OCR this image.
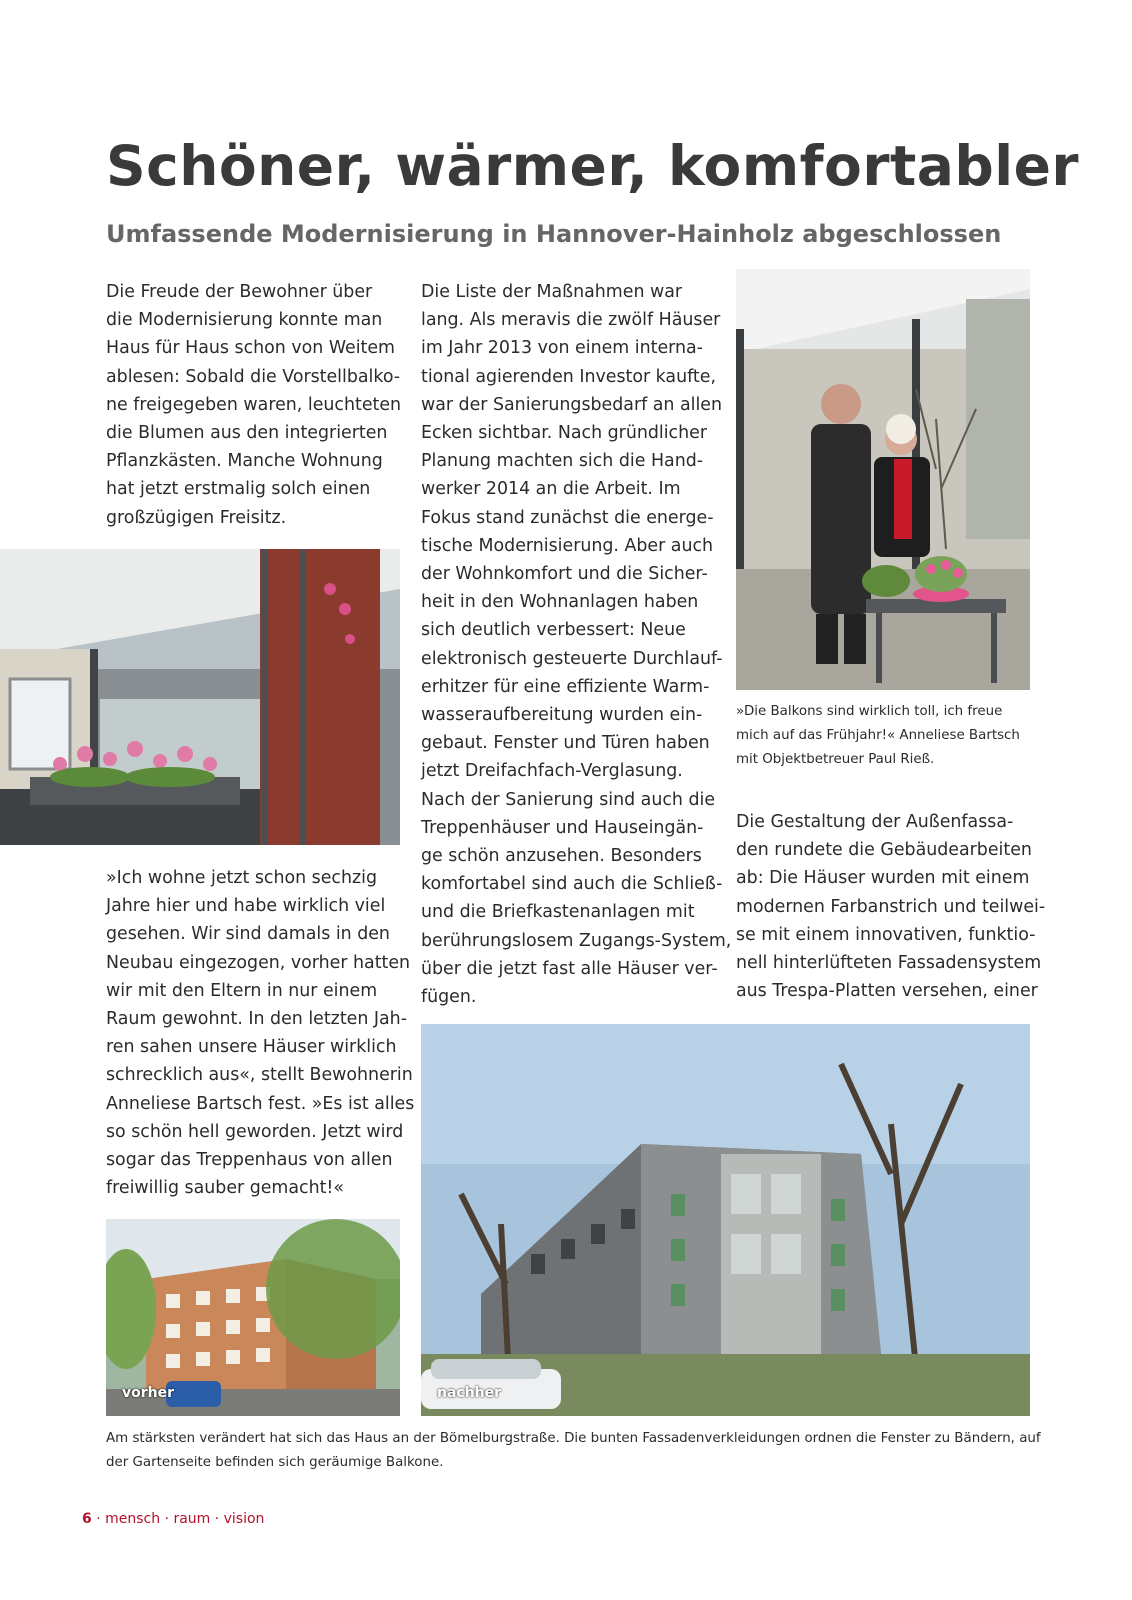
Schöner, wärmer, komfortabler
Umfassende Modernisierung in Hannover-Hainholz abgeschlossen
Die Freude der Bewohner über
die Modernisierung konnte man
Haus für Haus schon von Weitem
ablesen: Sobald die Vorstellbalko-
ne freigegeben waren, leuchteten
die Blumen aus den integrierten
Pflanzkästen. Manche Wohnung
hat jetzt erstmalig solch einen
großzügigen Freisitz.
»Ich wohne jetzt schon sechzig
Jahre hier und habe wirklich viel
gesehen. Wir sind damals in den
Neubau eingezogen, vorher hatten
wir mit den Eltern in nur einem
Raum gewohnt. In den letzten Jah-
ren sahen unsere Häuser wirklich
schrecklich aus«, stellt Bewohnerin
Anneliese Bartsch fest. »Es ist alles
so schön hell geworden. Jetzt wird
sogar das Treppenhaus von allen
freiwillig sauber gemacht!«
Die Liste der Maßnahmen war
lang. Als meravis die zwölf Häuser
im Jahr 2013 von einem interna-
tional agierenden Investor kaufte,
war der Sanierungsbedarf an allen
Ecken sichtbar. Nach gründlicher
Planung machten sich die Hand-
werker 2014 an die Arbeit. Im
Fokus stand zunächst die energe-
tische Modernisierung. Aber auch
der Wohnkomfort und die Sicher-
heit in den Wohnanlagen haben
sich deutlich verbessert: Neue
elektronisch gesteuerte Durchlauf-
erhitzer für eine effiziente Warm-
wasseraufbereitung wurden ein-
gebaut. Fenster und Türen haben
jetzt Dreifachfach-Verglasung.
Nach der Sanierung sind auch die
Treppenhäuser und Hauseingän-
ge schön anzusehen. Besonders
komfortabel sind auch die Schließ-
und die Briefkastenanlagen mit
berührungslosem Zugangs-System,
über die jetzt fast alle Häuser ver-
fügen.
»Die Balkons sind wirklich toll, ich freue
mich auf das Frühjahr!« Anneliese Bartsch
mit Objektbetreuer Paul Rieß.
Die Gestaltung der Außenfassa-
den rundete die Gebäudearbeiten
ab: Die Häuser wurden mit einem
modernen Farbanstrich und teilwei-
se mit einem innovativen, funktio-
nell hinterlüfteten Fassadensystem
aus Trespa-Platten versehen, einer
vorher	nachher
Am stärksten verändert hat sich das Haus an der Bömelburgstraße. Die bunten Fassadenverkleidungen ordnen die Fenster zu Bändern, auf
der Gartenseite befinden sich geräumige Balkone.
6 · mensch · raum · vision
